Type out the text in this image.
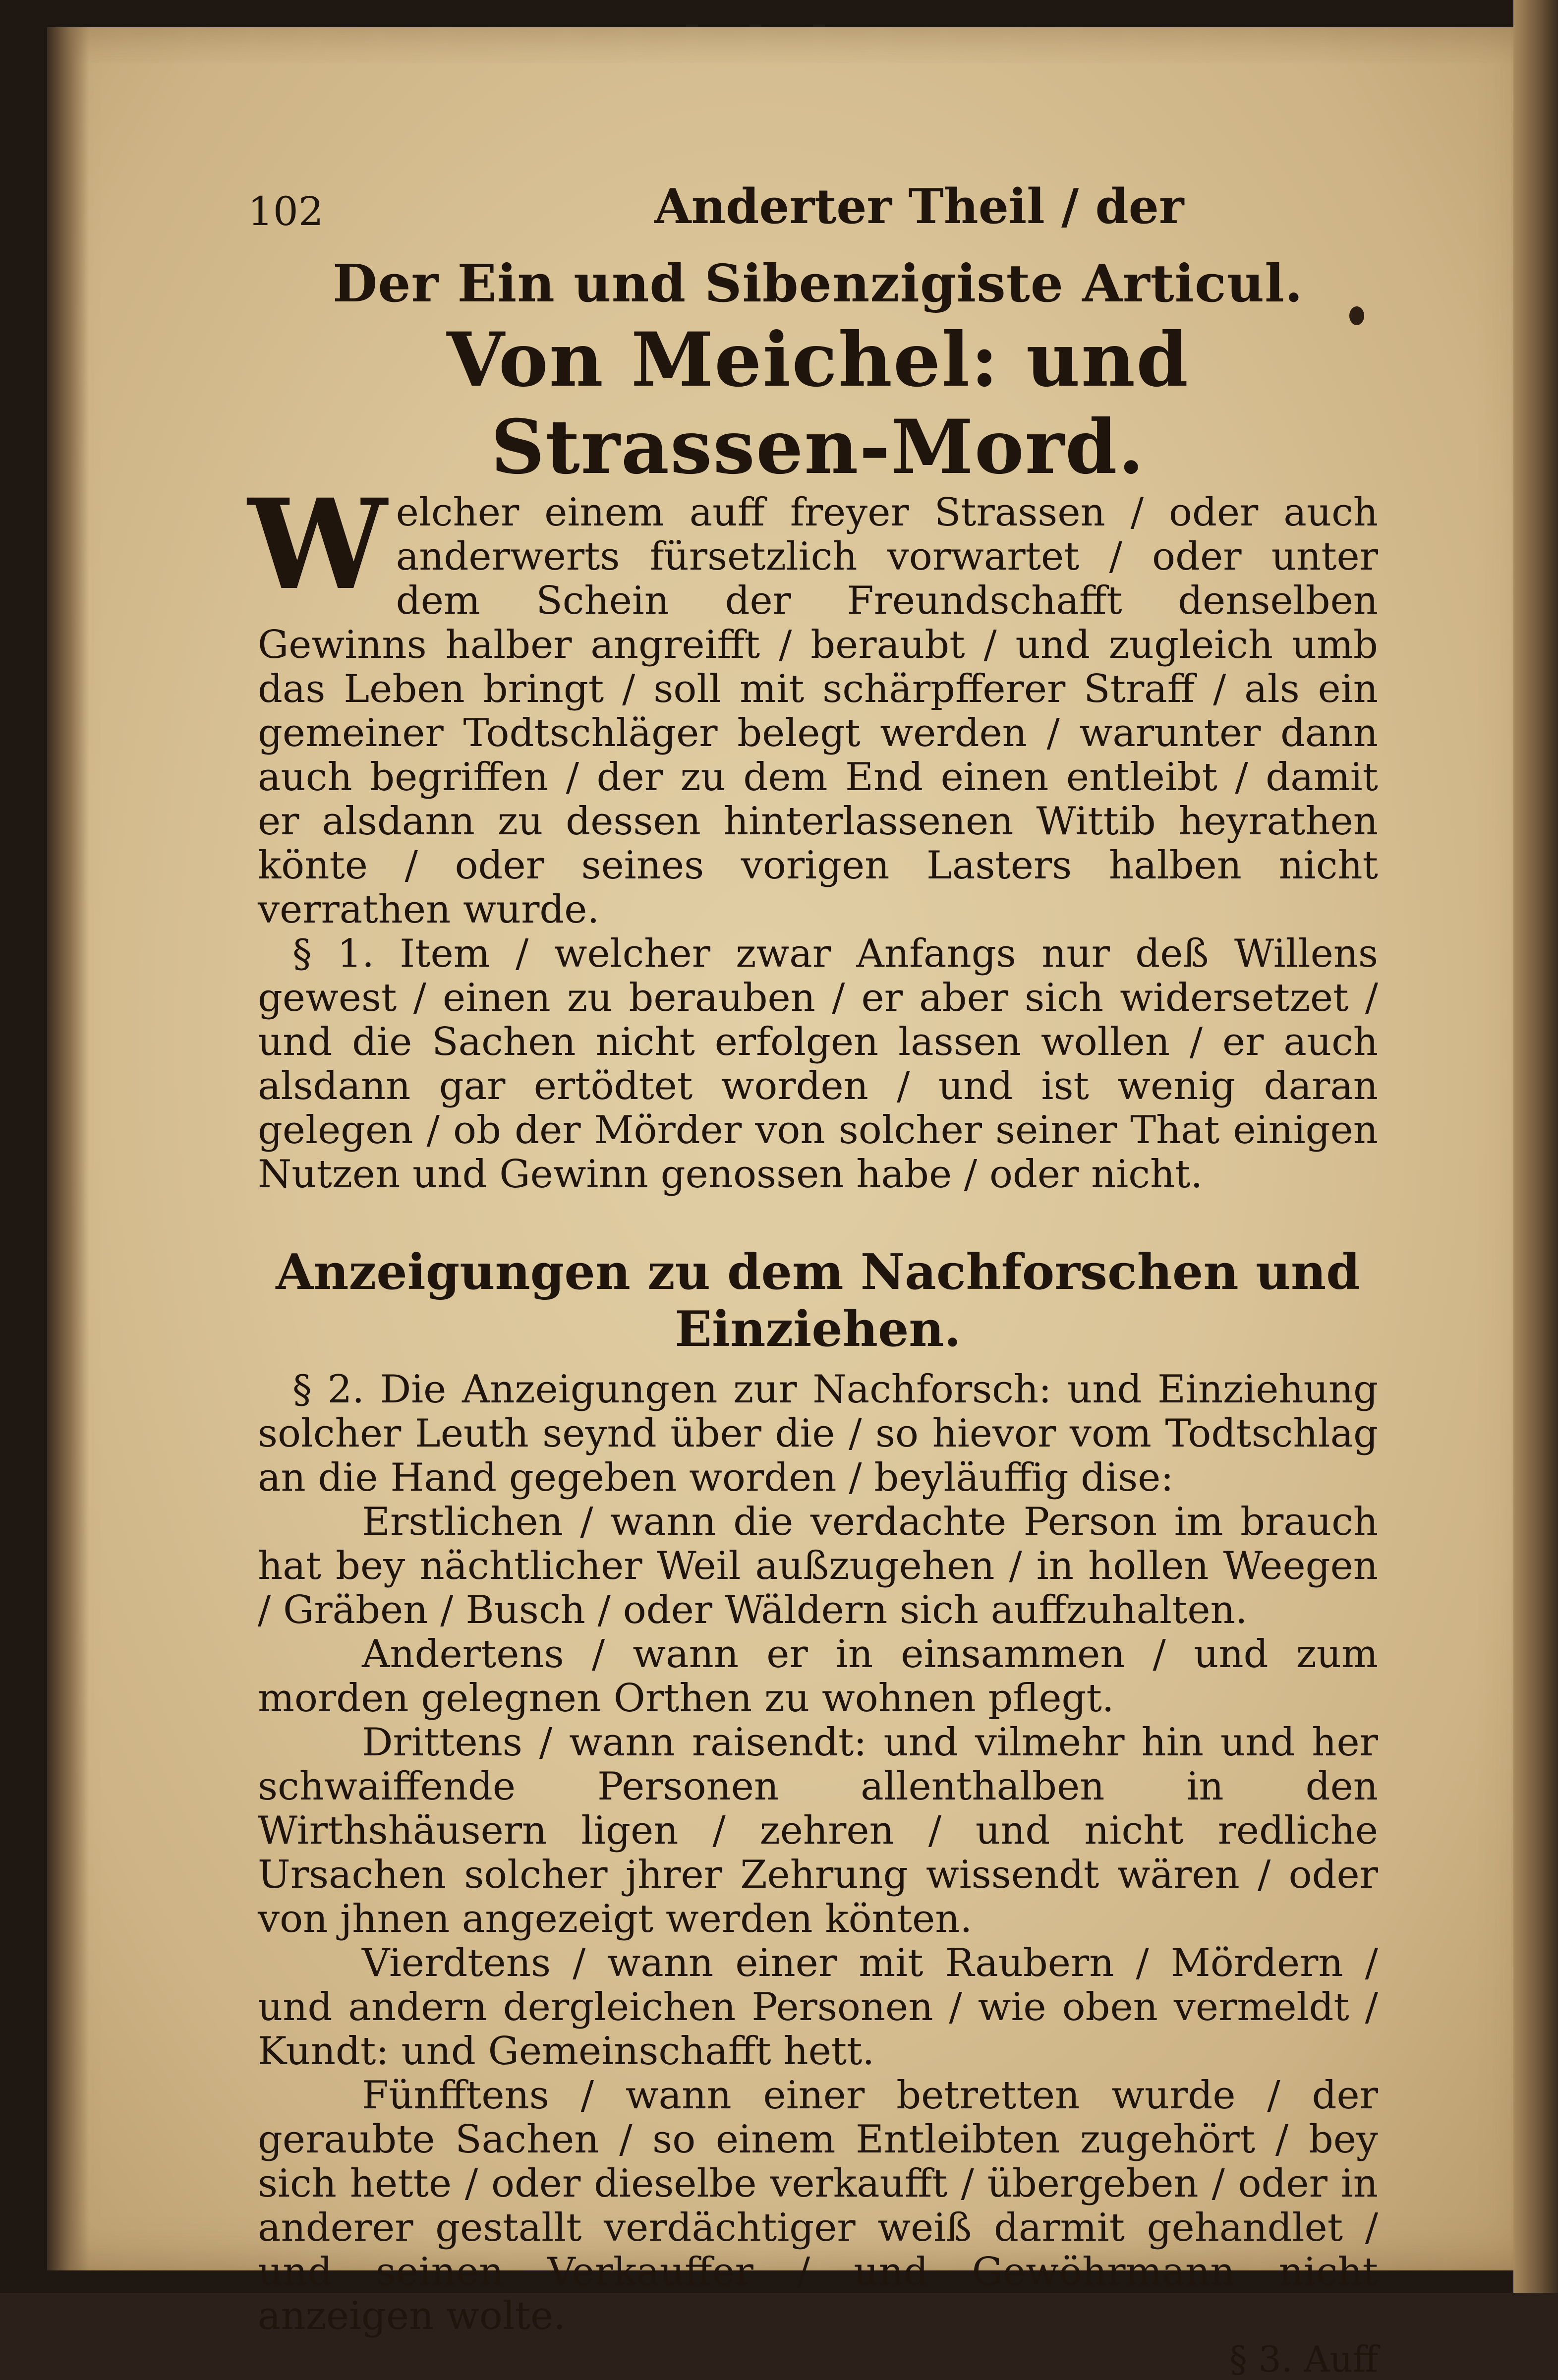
102	Anderter Theil / der
Der Ein und Sibenzigiste Articul.
Von Meichel: und Strassen-Mord.

Welcher einem auff freyer Strassen / oder auch anderwerts fürsetzlich vorwartet / oder unter dem Schein der Freundschafft denselben Gewinns halber angreifft / beraubt / und zugleich umb das Leben bringt / soll mit schärpfferer Straff / als ein gemeiner Todtschläger belegt werden / warunter dann auch begriffen / der zu dem End einen entleibt / damit er alsdann zu dessen hinterlassenen Wittib heyrathen könte / oder seines vorigen Lasters halben nicht verrathen wurde.

§ 1. Item / welcher zwar Anfangs nur deß Willens gewest / einen zu berauben / er aber sich widersetzet / und die Sachen nicht erfolgen lassen wollen / er auch alsdann gar ertödtet worden / und ist wenig daran gelegen / ob der Mörder von solcher seiner That einigen Nutzen und Gewinn genossen habe / oder nicht.

Anzeigungen zu dem Nachforschen und Einziehen.

§ 2. Die Anzeigungen zur Nachforsch: und Einziehung solcher Leuth seynd über die / so hievor vom Todtschlag an die Hand gegeben worden / beyläuffig dise:

Erstlichen / wann die verdachte Person im brauch hat bey nächtlicher Weil außzugehen / in hollen Weegen / Gräben / Busch / oder Wäldern sich auffzuhalten.

Andertens / wann er in einsammen / und zum morden gelegnen Orthen zu wohnen pflegt.

Drittens / wann raisendt: und vilmehr hin und her schwaiffende Personen allenthalben in den Wirthshäusern ligen / zehren / und nicht redliche Ursachen solcher jhrer Zehrung wissendt wären / oder von jhnen angezeigt werden könten.

Vierdtens / wann einer mit Raubern / Mördern / und andern dergleichen Personen / wie oben vermeldt / Kundt: und Gemeinschafft hett.

Fünfftens / wann einer betretten wurde / der geraubte Sachen / so einem Entleibten zugehört / bey sich hette / oder dieselbe verkaufft / übergeben / oder in anderer gestallt verdächtiger weiß darmit gehandlet / und seinen Verkauffer / und Gewöhrmann nicht anzeigen wolte.

§ 3. Auff
